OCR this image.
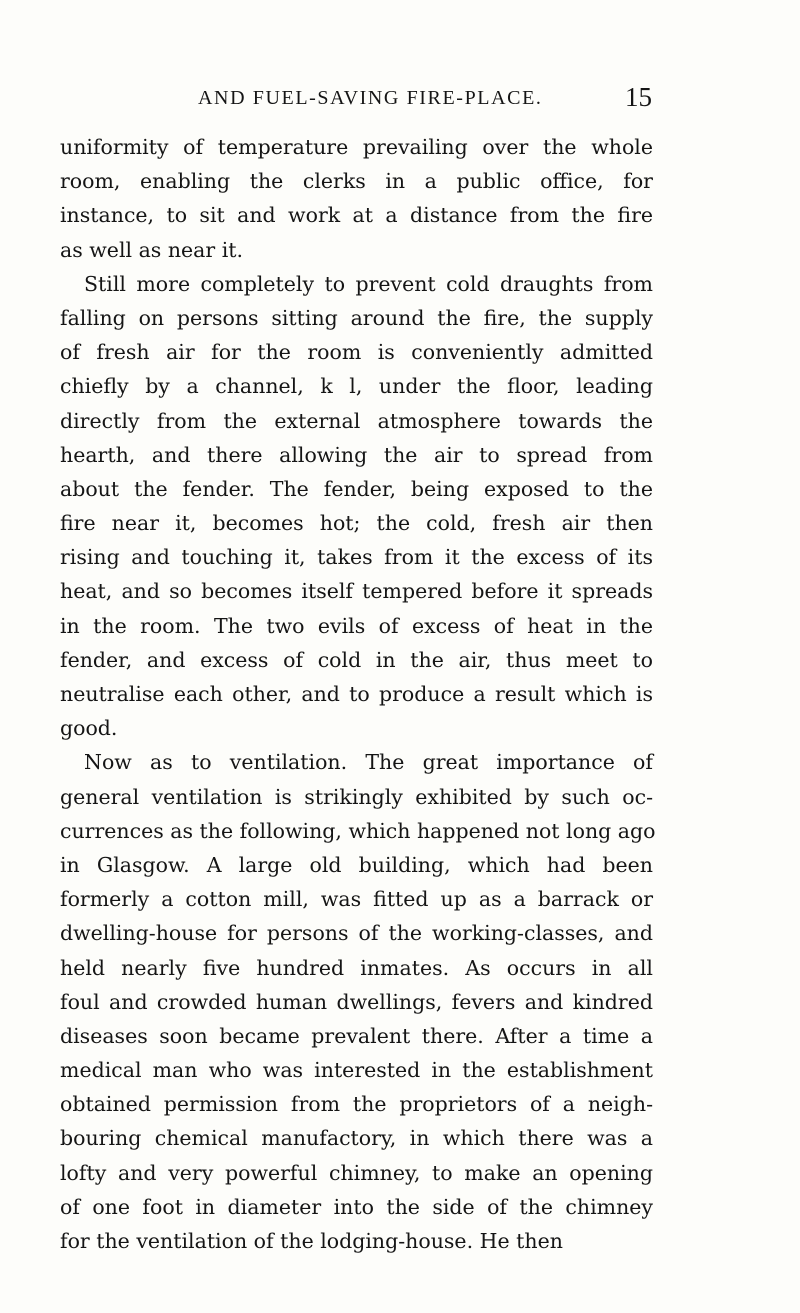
AND FUEL-SAVING FIRE-PLACE.	15
uniformity of temperature prevailing over the whole
room, enabling the clerks in a public office, for
instance, to sit and work at a distance from the fire
as well as near it.
Still more completely to prevent cold draughts from
falling on persons sitting around the fire, the supply
of fresh air for the room is conveniently admitted
chiefly by a channel, k l, under the floor, leading
directly from the external atmosphere towards the
hearth, and there allowing the air to spread from
about the fender. The fender, being exposed to the
fire near it, becomes hot; the cold, fresh air then
rising and touching it, takes from it the excess of its
heat, and so becomes itself tempered before it spreads
in the room. The two evils of excess of heat in the
fender, and excess of cold in the air, thus meet to
neutralise each other, and to produce a result which is
good.
Now as to ventilation. The great importance of
general ventilation is strikingly exhibited by such oc-
currences as the following, which happened not long ago
in Glasgow. A large old building, which had been
formerly a cotton mill, was fitted up as a barrack or
dwelling-house for persons of the working-classes, and
held nearly five hundred inmates. As occurs in all
foul and crowded human dwellings, fevers and kindred
diseases soon became prevalent there. After a time a
medical man who was interested in the establishment
obtained permission from the proprietors of a neigh-
bouring chemical manufactory, in which there was a
lofty and very powerful chimney, to make an opening
of one foot in diameter into the side of the chimney
for the ventilation of the lodging-house. He then
